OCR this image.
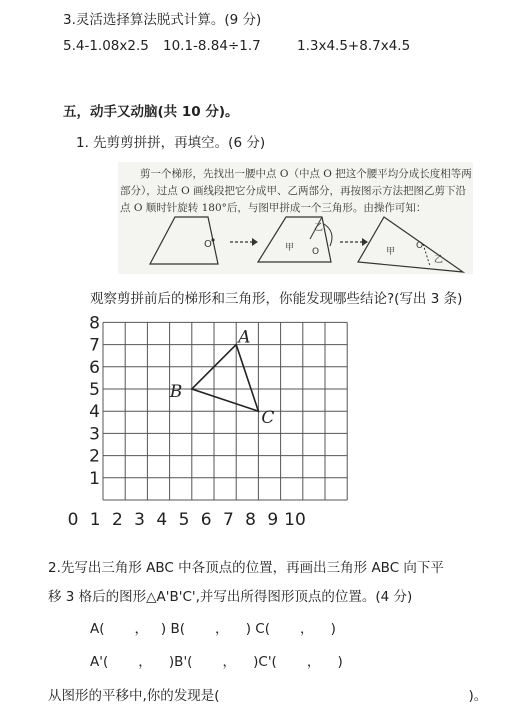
3.灵活选择算法脱式计算。(9 分)
5.4-1.08x2.5 10.1-8.84÷1.7	1.3x4.5+8.7x4.5
五，动手又动脑(共 10 分)。
1. 先剪剪拼拼，再填空。(6 分)
剪一个梯形，先找出一腰中点 O（中点 O 把这个腰平均分成长度相等两
部分），过点 O 画线段把它分成甲、乙两部分，再按图示方法把图乙剪下沿
点 O 顺时针旋转 180°后，与图甲拼成一个三角形。由操作可知：
O	甲
乙
O	甲
O
乙
观察剪拼前后的梯形和三角形，你能发现哪些结论?(写出 3 条)
8
7
6
5
4
3
2
1
0 1 2 3 4 5 6 7 8 9 10
A
B
C
2.先写出三角形 ABC 中各顶点的位置，再画出三角形 ABC 向下平
移 3 格后的图形△A'B'C',并写出所得图形顶点的位置。(4 分)
A(       ，   ) B(       ，    ) C(       ，    )
A'(       ，    )B'(       ，    )C'(       ，    )
从图形的平移中,你的发现是(                                                          )。
